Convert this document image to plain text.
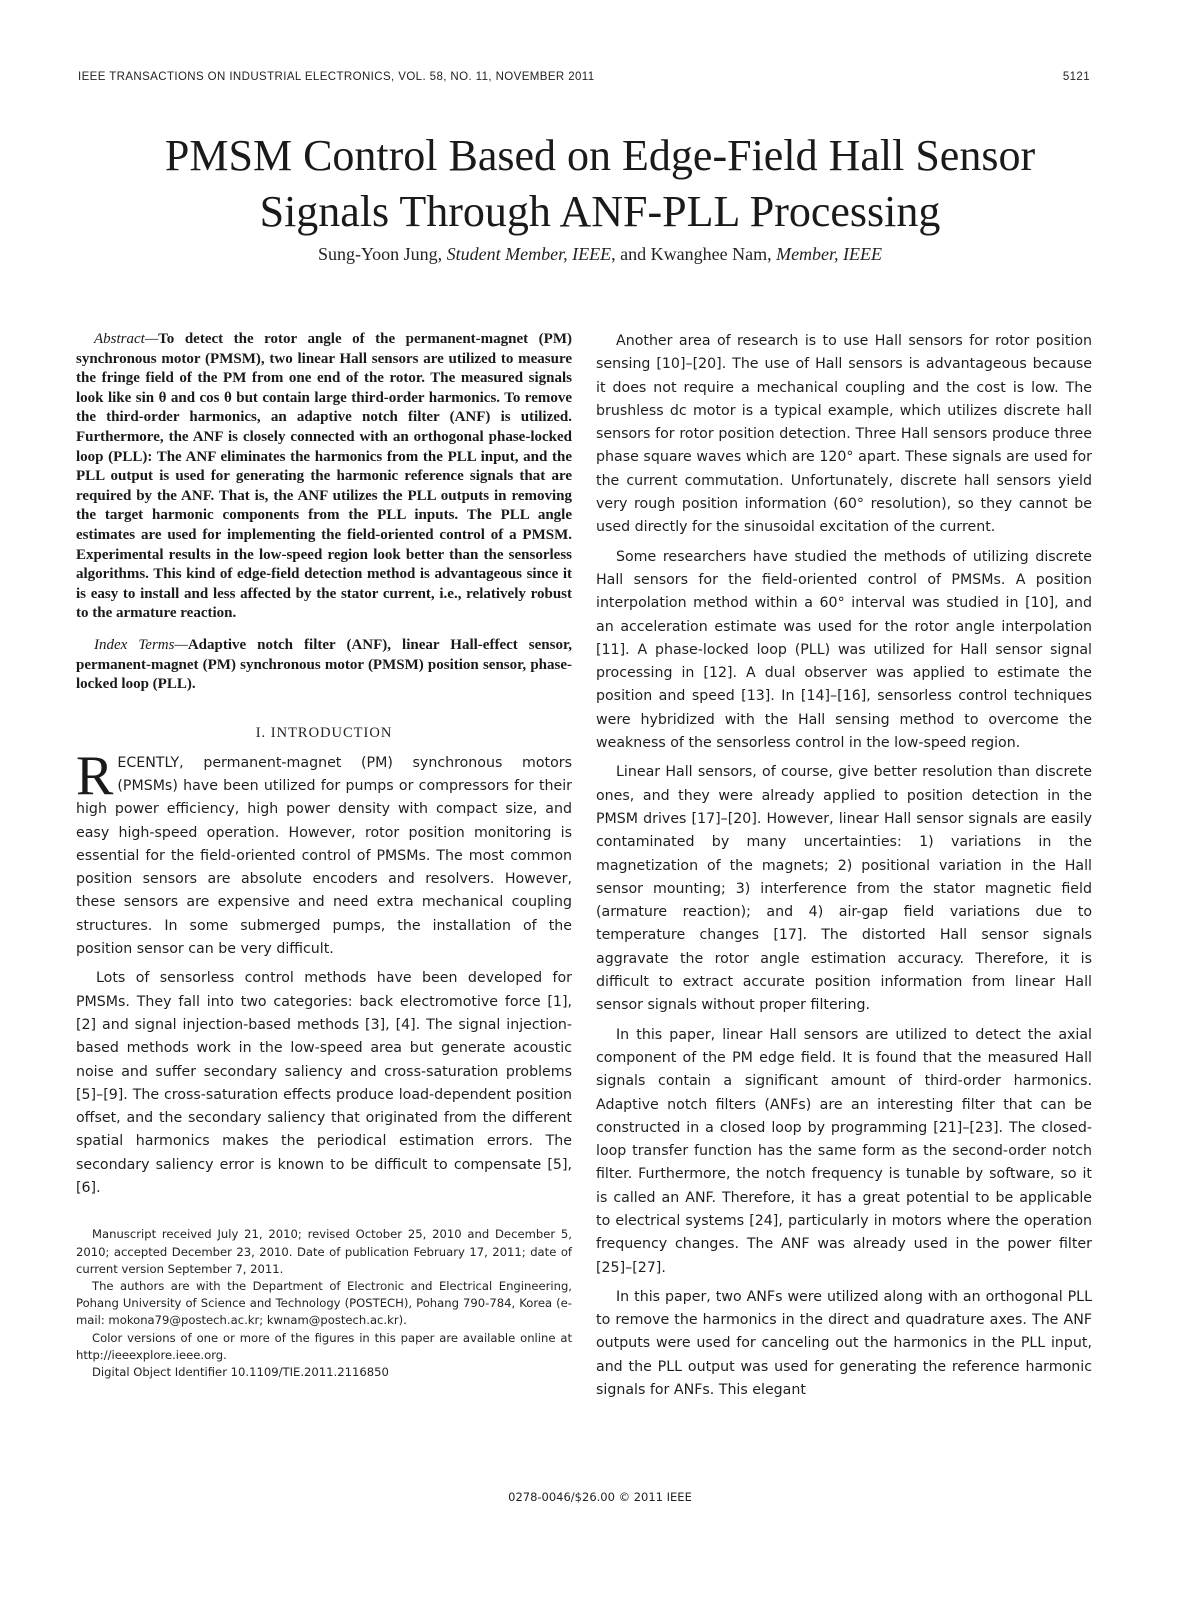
IEEE TRANSACTIONS ON INDUSTRIAL ELECTRONICS, VOL. 58, NO. 11, NOVEMBER 2011	5121
PMSM Control Based on Edge-Field Hall Sensor
Signals Through ANF-PLL Processing
Sung-Yoon Jung, Student Member, IEEE, and Kwanghee Nam, Member, IEEE

Abstract—To detect the rotor angle of the permanent-magnet (PM) synchronous motor (PMSM), two linear Hall sensors are utilized to measure the fringe field of the PM from one end of the rotor. The measured signals look like sin θ and cos θ but contain large third-order harmonics. To remove the third-order harmonics, an adaptive notch filter (ANF) is utilized. Furthermore, the ANF is closely connected with an orthogonal phase-locked loop (PLL): The ANF eliminates the harmonics from the PLL input, and the PLL output is used for generating the harmonic reference signals that are required by the ANF. That is, the ANF utilizes the PLL outputs in removing the target harmonic components from the PLL inputs. The PLL angle estimates are used for implementing the field-oriented control of a PMSM. Experimental results in the low-speed region look better than the sensorless algorithms. This kind of edge-field detection method is advantageous since it is easy to install and less affected by the stator current, i.e., relatively robust to the armature reaction.

Index Terms—Adaptive notch filter (ANF), linear Hall-effect sensor, permanent-magnet (PM) synchronous motor (PMSM) position sensor, phase-locked loop (PLL).

I. INTRODUCTION

RECENTLY, permanent-magnet (PM) synchronous motors (PMSMs) have been utilized for pumps or compressors for their high power efficiency, high power density with compact size, and easy high-speed operation. However, rotor position monitoring is essential for the field-oriented control of PMSMs. The most common position sensors are absolute encoders and resolvers. However, these sensors are expensive and need extra mechanical coupling structures. In some submerged pumps, the installation of the position sensor can be very difficult.

Lots of sensorless control methods have been developed for PMSMs. They fall into two categories: back electromotive force [1], [2] and signal injection-based methods [3], [4]. The signal injection-based methods work in the low-speed area but generate acoustic noise and suffer secondary saliency and cross-saturation problems [5]–[9]. The cross-saturation effects produce load-dependent position offset, and the secondary saliency that originated from the different spatial harmonics makes the periodical estimation errors. The secondary saliency error is known to be difficult to compensate [5], [6].

Manuscript received July 21, 2010; revised October 25, 2010 and December 5, 2010; accepted December 23, 2010. Date of publication February 17, 2011; date of current version September 7, 2011.

The authors are with the Department of Electronic and Electrical Engineering, Pohang University of Science and Technology (POSTECH), Pohang 790-784, Korea (e-mail: mokona79@postech.ac.kr; kwnam@postech.ac.kr).

Color versions of one or more of the figures in this paper are available online at http://ieeexplore.ieee.org.

Digital Object Identifier 10.1109/TIE.2011.2116850

Another area of research is to use Hall sensors for rotor position sensing [10]–[20]. The use of Hall sensors is advantageous because it does not require a mechanical coupling and the cost is low. The brushless dc motor is a typical example, which utilizes discrete hall sensors for rotor position detection. Three Hall sensors produce three phase square waves which are 120° apart. These signals are used for the current commutation. Unfortunately, discrete hall sensors yield very rough position information (60° resolution), so they cannot be used directly for the sinusoidal excitation of the current.

Some researchers have studied the methods of utilizing discrete Hall sensors for the field-oriented control of PMSMs. A position interpolation method within a 60° interval was studied in [10], and an acceleration estimate was used for the rotor angle interpolation [11]. A phase-locked loop (PLL) was utilized for Hall sensor signal processing in [12]. A dual observer was applied to estimate the position and speed [13]. In [14]–[16], sensorless control techniques were hybridized with the Hall sensing method to overcome the weakness of the sensorless control in the low-speed region.

Linear Hall sensors, of course, give better resolution than discrete ones, and they were already applied to position detection in the PMSM drives [17]–[20]. However, linear Hall sensor signals are easily contaminated by many uncertainties: 1) variations in the magnetization of the magnets; 2) positional variation in the Hall sensor mounting; 3) interference from the stator magnetic field (armature reaction); and 4) air-gap field variations due to temperature changes [17]. The distorted Hall sensor signals aggravate the rotor angle estimation accuracy. Therefore, it is difficult to extract accurate position information from linear Hall sensor signals without proper filtering.

In this paper, linear Hall sensors are utilized to detect the axial component of the PM edge field. It is found that the measured Hall signals contain a significant amount of third-order harmonics. Adaptive notch filters (ANFs) are an interesting filter that can be constructed in a closed loop by programming [21]–[23]. The closed-loop transfer function has the same form as the second-order notch filter. Furthermore, the notch frequency is tunable by software, so it is called an ANF. Therefore, it has a great potential to be applicable to electrical systems [24], particularly in motors where the operation frequency changes. The ANF was already used in the power filter [25]–[27].

In this paper, two ANFs were utilized along with an orthogonal PLL to remove the harmonics in the direct and quadrature axes. The ANF outputs were used for canceling out the harmonics in the PLL input, and the PLL output was used for generating the reference harmonic signals for ANFs. This elegant

0278-0046/$26.00 © 2011 IEEE
